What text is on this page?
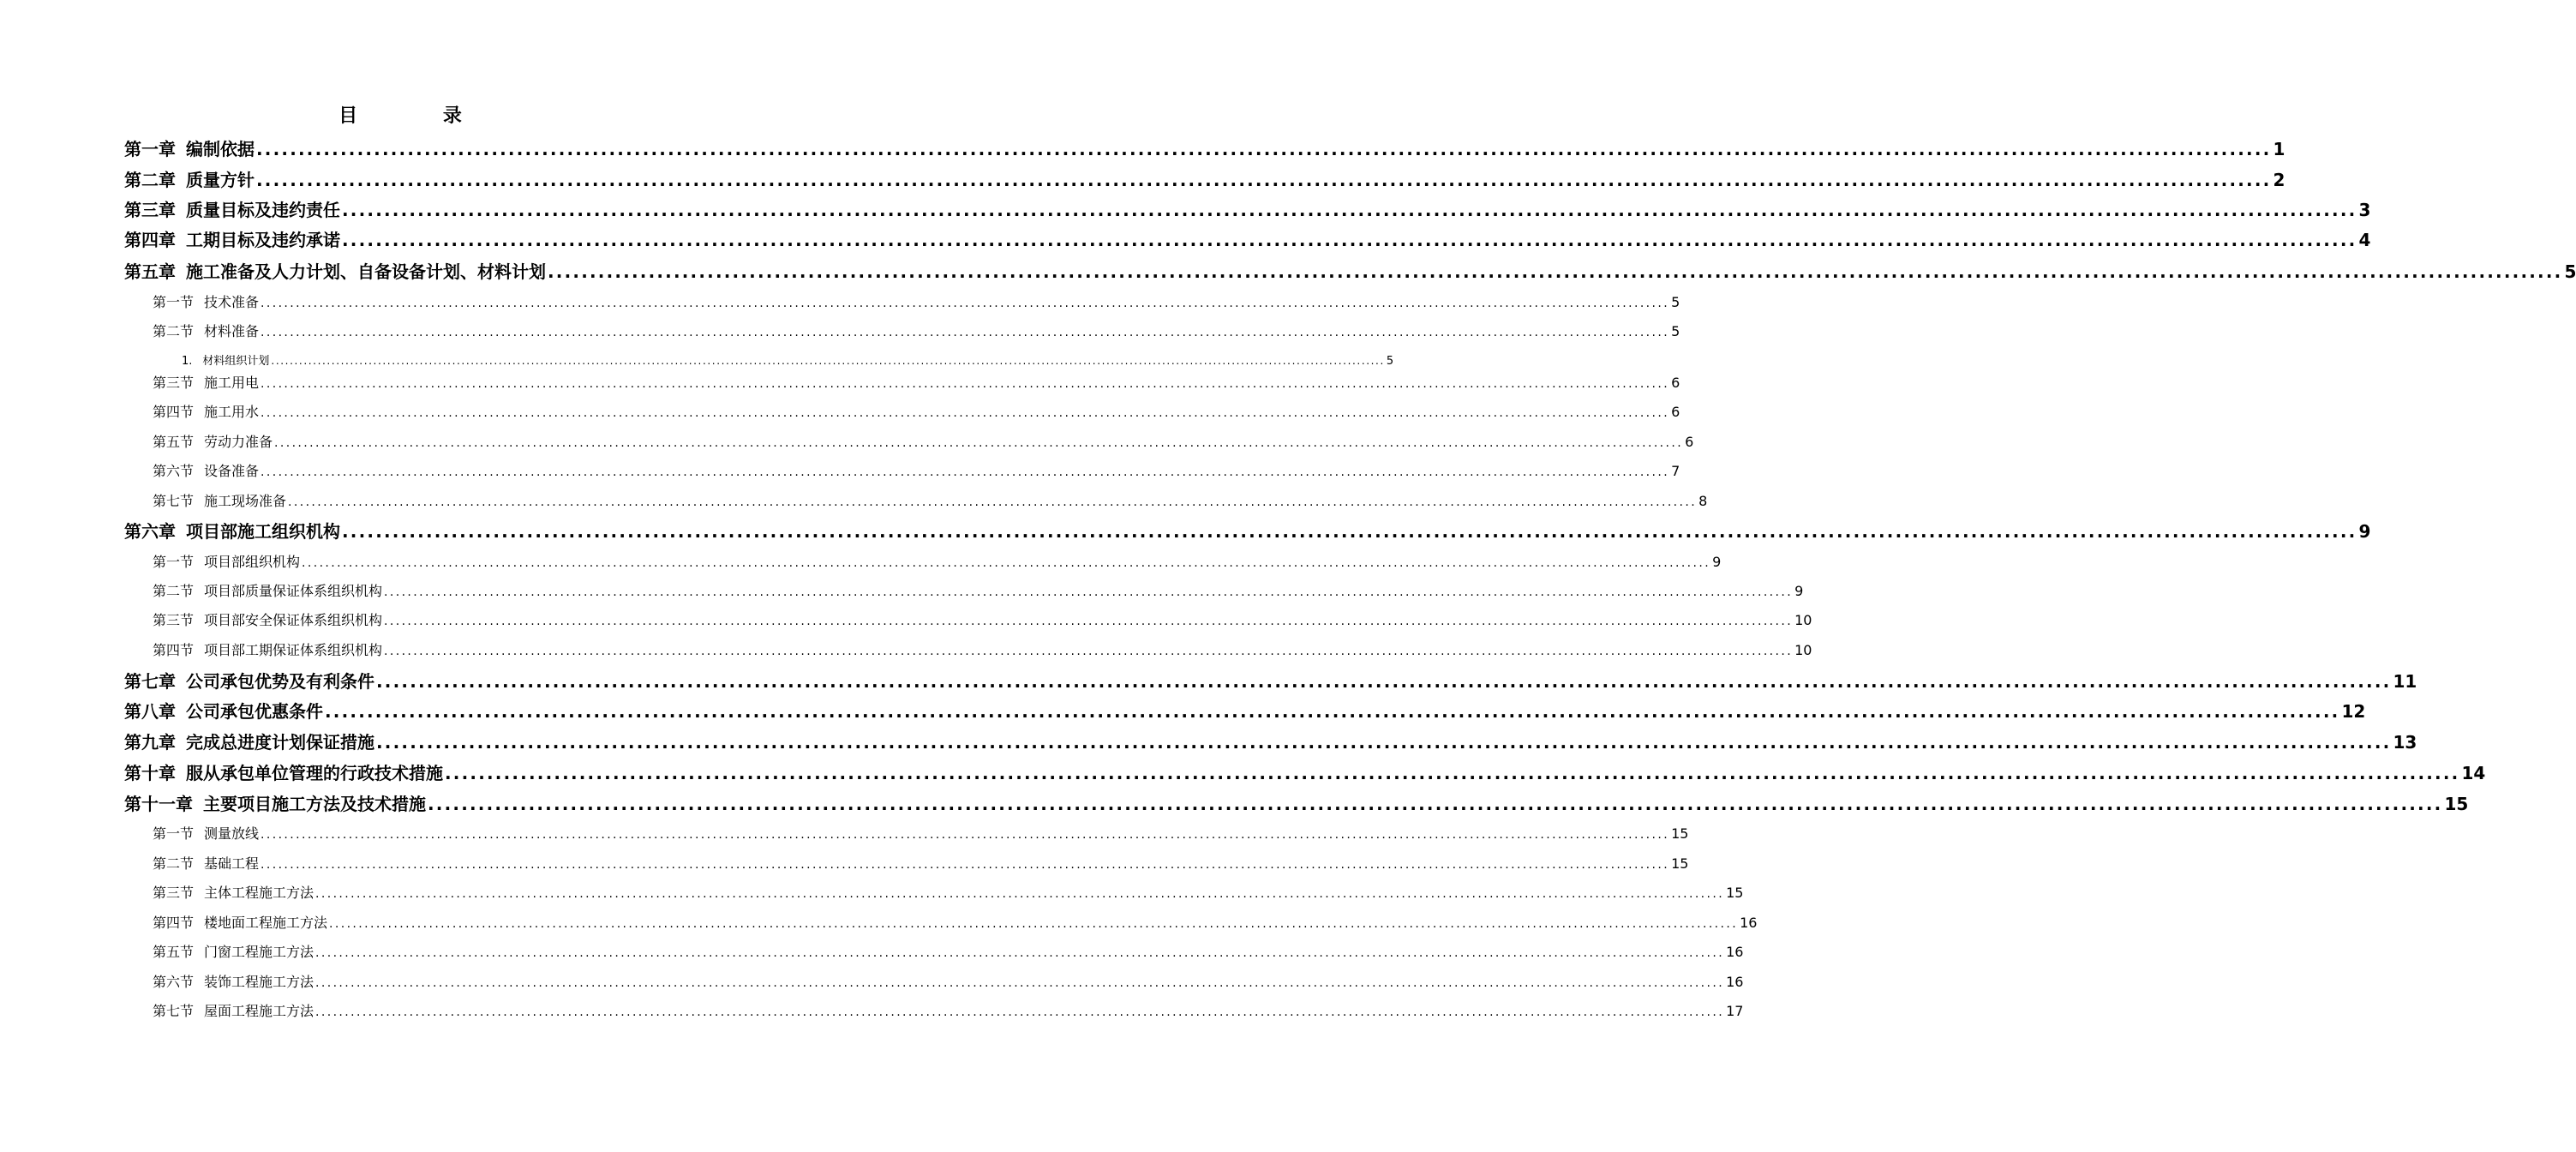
目 录
第一章 编制依据 ................................................................................................................................................................................................................................................ 1
第二章 质量方针 ................................................................................................................................................................................................................................................ 2
第三章 质量目标及违约责任 ................................................................................................................................................................................................................................................ 3
第四章 工期目标及违约承诺 ................................................................................................................................................................................................................................................ 4
第五章 施工准备及人力计划、自备设备计划、材料计划 ................................................................................................................................................................................................................................................ 5
第一节 技术准备 ................................................................................................................................................................................................................................................ 5
第二节 材料准备 ................................................................................................................................................................................................................................................ 5
1. 材料组织计划 ................................................................................................................................................................................................................................................ 5
第三节 施工用电 ................................................................................................................................................................................................................................................ 6
第四节 施工用水 ................................................................................................................................................................................................................................................ 6
第五节 劳动力准备 ................................................................................................................................................................................................................................................ 6
第六节 设备准备 ................................................................................................................................................................................................................................................ 7
第七节 施工现场准备 ................................................................................................................................................................................................................................................ 8
第六章 项目部施工组织机构 ................................................................................................................................................................................................................................................ 9
第一节 项目部组织机构 ................................................................................................................................................................................................................................................ 9
第二节 项目部质量保证体系组织机构 ................................................................................................................................................................................................................................................ 9
第三节 项目部安全保证体系组织机构 ................................................................................................................................................................................................................................................ 10
第四节 项目部工期保证体系组织机构 ................................................................................................................................................................................................................................................ 10
第七章 公司承包优势及有利条件 ................................................................................................................................................................................................................................................ 11
第八章 公司承包优惠条件 ................................................................................................................................................................................................................................................ 12
第九章 完成总进度计划保证措施 ................................................................................................................................................................................................................................................ 13
第十章 服从承包单位管理的行政技术措施 ................................................................................................................................................................................................................................................ 14
第十一章 主要项目施工方法及技术措施 ................................................................................................................................................................................................................................................ 15
第一节 测量放线 ................................................................................................................................................................................................................................................ 15
第二节 基础工程 ................................................................................................................................................................................................................................................ 15
第三节 主体工程施工方法 ................................................................................................................................................................................................................................................ 15
第四节 楼地面工程施工方法 ................................................................................................................................................................................................................................................ 16
第五节 门窗工程施工方法 ................................................................................................................................................................................................................................................ 16
第六节 装饰工程施工方法 ................................................................................................................................................................................................................................................ 16
第七节 屋面工程施工方法 ................................................................................................................................................................................................................................................ 17
